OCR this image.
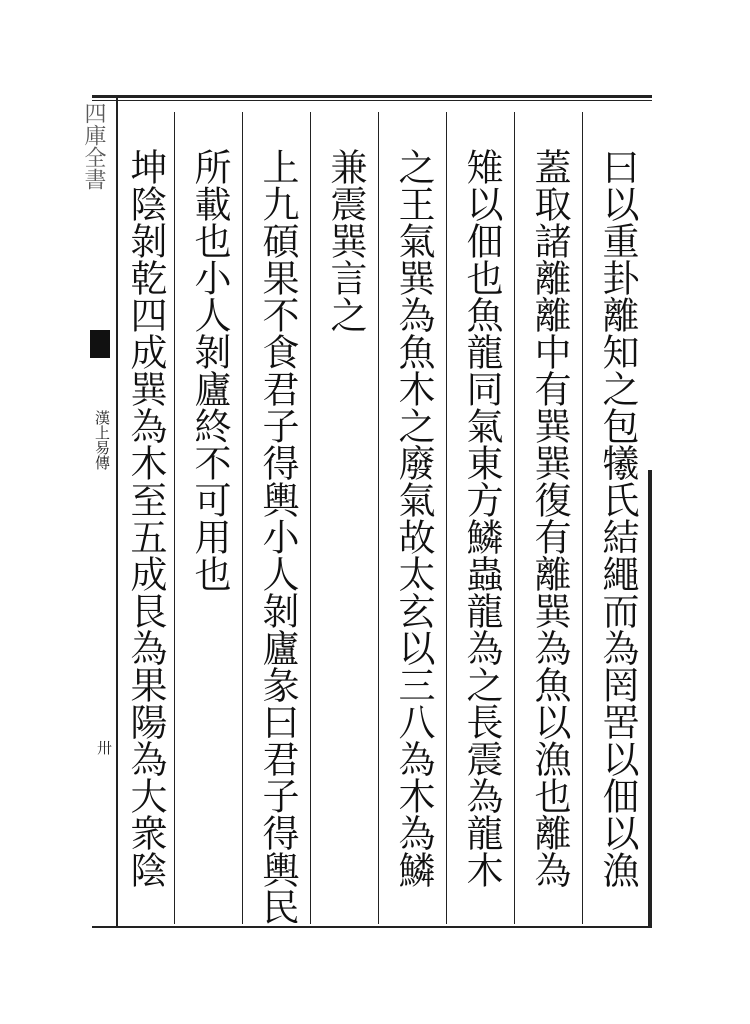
四庫全書
漢上易傳
卅	曰以重卦離知之包犧氏結繩而為罔罟以佃以漁
蓋取諸離離中有巽巽復有離巽為魚以漁也離為
雉以佃也魚龍同氣東方鱗蟲龍為之長震為龍木
之王氣巽為魚木之廢氣故太玄以三八為木為鱗
兼震巽言之
上九碩果不食君子得輿小人剝廬彖曰君子得輿民
所載也小人剝廬終不可用也
坤陰剝乾四成巽為木至五成艮為果陽為大衆陰
